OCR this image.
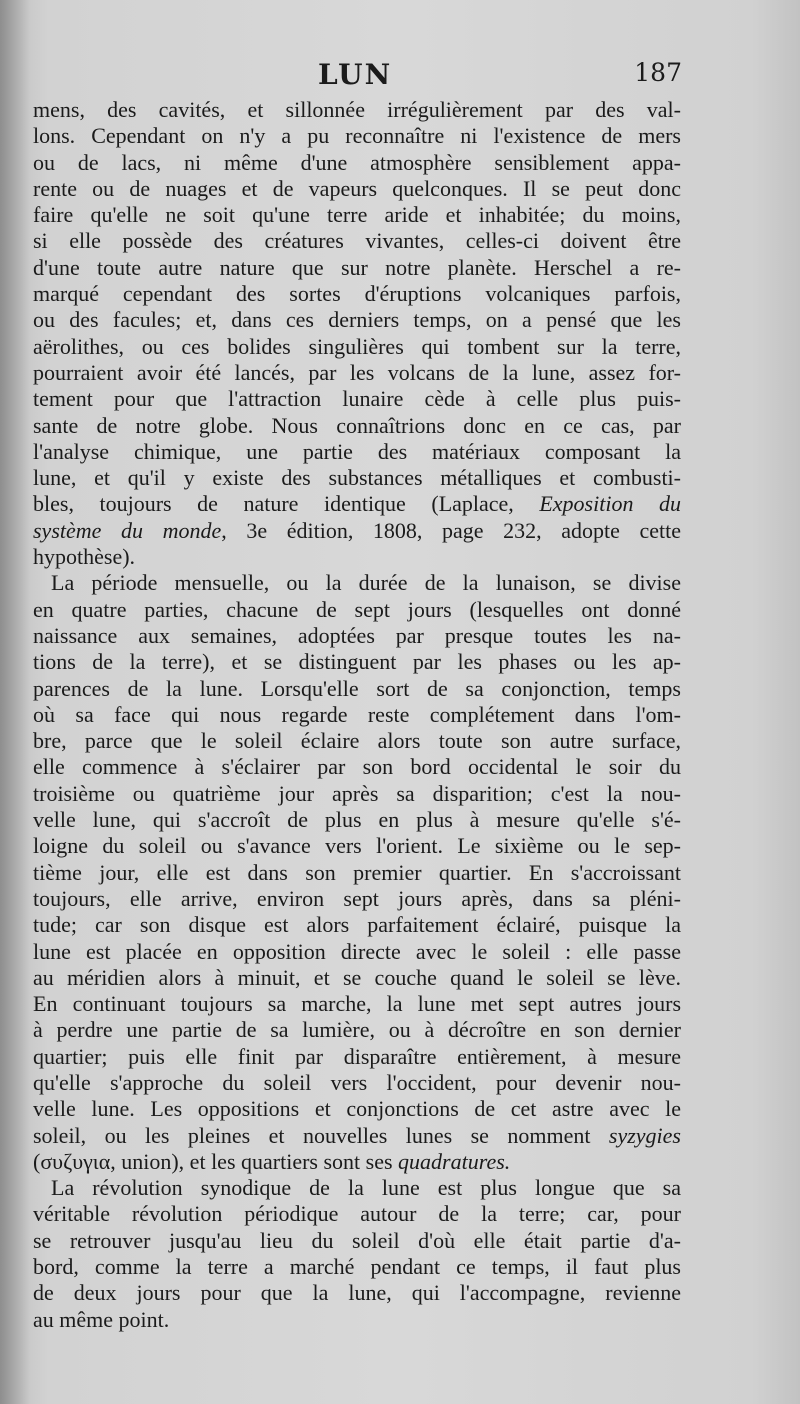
LUN	187
mens, des cavités, et sillonnée irrégulièrement par des val-
lons. Cependant on n'y a pu reconnaître ni l'existence de mers
ou de lacs, ni même d'une atmosphère sensiblement appa-
rente ou de nuages et de vapeurs quelconques. Il se peut donc
faire qu'elle ne soit qu'une terre aride et inhabitée; du moins,
si elle possède des créatures vivantes, celles-ci doivent être
d'une toute autre nature que sur notre planète. Herschel a re-
marqué cependant des sortes d'éruptions volcaniques parfois,
ou des facules; et, dans ces derniers temps, on a pensé que les
aërolithes, ou ces bolides singulières qui tombent sur la terre,
pourraient avoir été lancés, par les volcans de la lune, assez for-
tement pour que l'attraction lunaire cède à celle plus puis-
sante de notre globe. Nous connaîtrions donc en ce cas, par
l'analyse chimique, une partie des matériaux composant la
lune, et qu'il y existe des substances métalliques et combusti-
bles, toujours de nature identique (Laplace, Exposition du
système du monde, 3e édition, 1808, page 232, adopte cette
hypothèse).
La période mensuelle, ou la durée de la lunaison, se divise
en quatre parties, chacune de sept jours (lesquelles ont donné
naissance aux semaines, adoptées par presque toutes les na-
tions de la terre), et se distinguent par les phases ou les ap-
parences de la lune. Lorsqu'elle sort de sa conjonction, temps
où sa face qui nous regarde reste complétement dans l'om-
bre, parce que le soleil éclaire alors toute son autre surface,
elle commence à s'éclairer par son bord occidental le soir du
troisième ou quatrième jour après sa disparition; c'est la nou-
velle lune, qui s'accroît de plus en plus à mesure qu'elle s'é-
loigne du soleil ou s'avance vers l'orient. Le sixième ou le sep-
tième jour, elle est dans son premier quartier. En s'accroissant
toujours, elle arrive, environ sept jours après, dans sa pléni-
tude; car son disque est alors parfaitement éclairé, puisque la
lune est placée en opposition directe avec le soleil : elle passe
au méridien alors à minuit, et se couche quand le soleil se lève.
En continuant toujours sa marche, la lune met sept autres jours
à perdre une partie de sa lumière, ou à décroître en son dernier
quartier; puis elle finit par disparaître entièrement, à mesure
qu'elle s'approche du soleil vers l'occident, pour devenir nou-
velle lune. Les oppositions et conjonctions de cet astre avec le
soleil, ou les pleines et nouvelles lunes se nomment syzygies
(συζυγια, union), et les quartiers sont ses quadratures.
La révolution synodique de la lune est plus longue que sa
véritable révolution périodique autour de la terre; car, pour
se retrouver jusqu'au lieu du soleil d'où elle était partie d'a-
bord, comme la terre a marché pendant ce temps, il faut plus
de deux jours pour que la lune, qui l'accompagne, revienne
au même point.
